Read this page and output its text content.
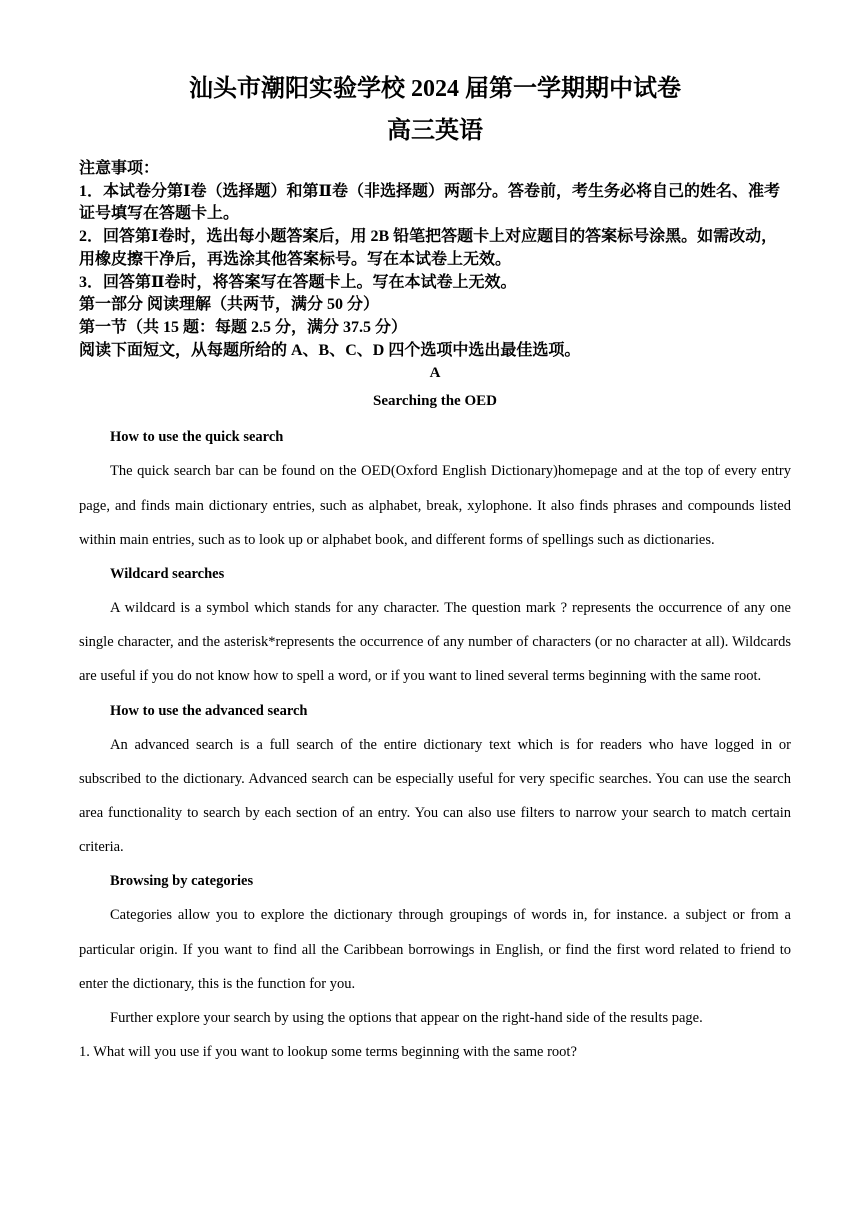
汕头市潮阳实验学校 2024 届第一学期期中试卷
高三英语

注意事项：

1．本试卷分第Ⅰ卷（选择题）和第Ⅱ卷（非选择题）两部分。答卷前，考生务必将自己的姓名、准考证号填写在答题卡上。

2．回答第Ⅰ卷时，选出每小题答案后，用 2B 铅笔把答题卡上对应题目的答案标号涂黑。如需改动，用橡皮擦干净后，再选涂其他答案标号。写在本试卷上无效。

3．回答第Ⅱ卷时，将答案写在答题卡上。写在本试卷上无效。

第一部分 阅读理解（共两节，满分 50 分）

第一节（共 15 题：每题 2.5 分，满分 37.5 分）

阅读下面短文，从每题所给的 A、B、C、D 四个选项中选出最佳选项。

A

Searching the OED

How to use the quick search

The quick search bar can be found on the OED(Oxford English Dictionary)homepage and at the top of every entry page, and finds main dictionary entries, such as alphabet, break, xylophone. It also finds phrases and compounds listed within main entries, such as to look up or alphabet book, and different forms of spellings such as dictionaries.

Wildcard searches

A wildcard is a symbol which stands for any character. The question mark ? represents the occurrence of any one single character, and the asterisk*represents the occurrence of any number of characters (or no character at all). Wildcards are useful if you do not know how to spell a word, or if you want to lined several terms beginning with the same root.

How to use the advanced search

An advanced search is a full search of the entire dictionary text which is for readers who have logged in or subscribed to the dictionary. Advanced search can be especially useful for very specific searches. You can use the search area functionality to search by each section of an entry. You can also use filters to narrow your search to match certain criteria.

Browsing by categories

Categories allow you to explore the dictionary through groupings of words in, for instance. a subject or from a particular origin. If you want to find all the Caribbean borrowings in English, or find the first word related to friend to enter the dictionary, this is the function for you.

Further explore your search by using the options that appear on the right-hand side of the results page.

1. What will you use if you want to lookup some terms beginning with the same root?
